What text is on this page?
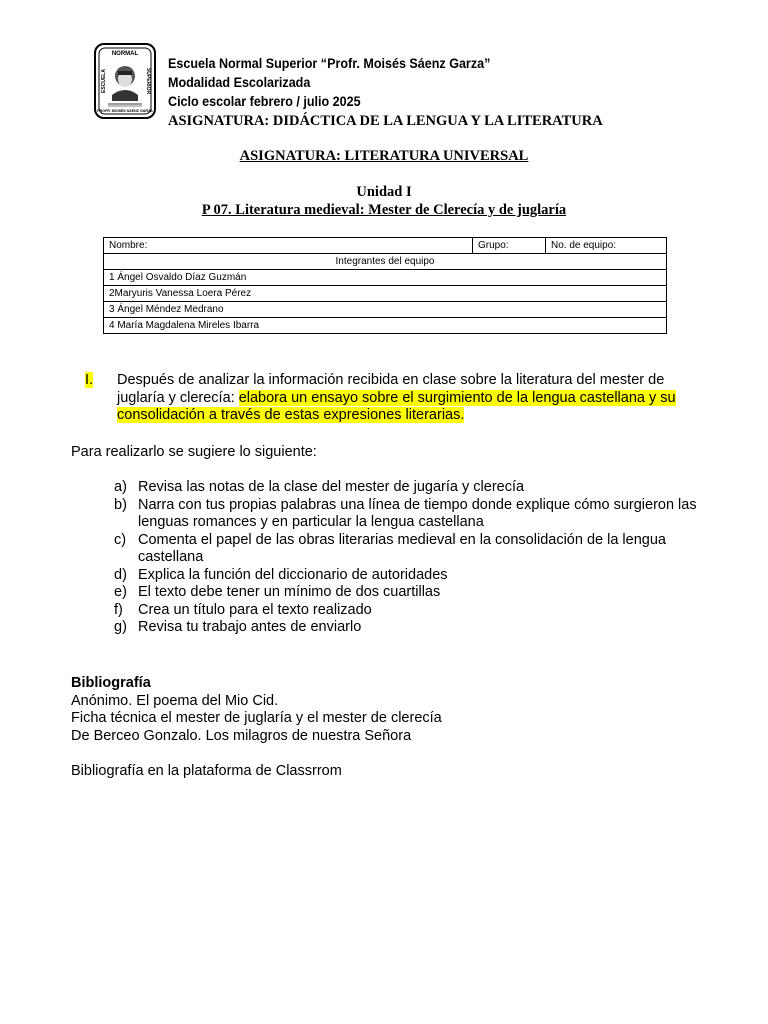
NORMAL
ESCUELA	SUPERIOR
PROFR. MOISÉS SÁENZ GARZA
Escuela Normal Superior “Profr. Moisés Sáenz Garza”
Modalidad Escolarizada
Ciclo escolar febrero / julio 2025
ASIGNATURA: DIDÁCTICA DE LA LENGUA Y LA LITERATURA
ASIGNATURA: LITERATURA UNIVERSAL
Unidad I
P 07. Literatura medieval: Mester de Clerecía y de juglaría
Nombre:	Grupo:	No. de equipo:
Integrantes del equipo
1 Ángel Osvaldo Díaz Guzmán
2Maryuris Vanessa Loera Pérez
3 Ángel Méndez Medrano
4 María Magdalena Mireles Ibarra
I. Después de analizar la información recibida en clase sobre la literatura del mester de juglaría y clerecía: elabora un ensayo sobre el surgimiento de la lengua castellana y su consolidación a través de estas expresiones literarias.
Para realizarlo se sugiere lo siguiente:
a) Revisa las notas de la clase del mester de jugaría y clerecía
b) Narra con tus propias palabras una línea de tiempo donde explique cómo surgieron las lenguas romances y en particular la lengua castellana
c) Comenta el papel de las obras literarias medieval en la consolidación de la lengua castellana
d) Explica la función del diccionario de autoridades
e) El texto debe tener un mínimo de dos cuartillas
f) Crea un título para el texto realizado
g) Revisa tu trabajo antes de enviarlo
Bibliografía
Anónimo. El poema del Mio Cid.
Ficha técnica el mester de juglaría y el mester de clerecía
De Berceo Gonzalo. Los milagros de nuestra Señora
Bibliografía en la plataforma de Classrrom
